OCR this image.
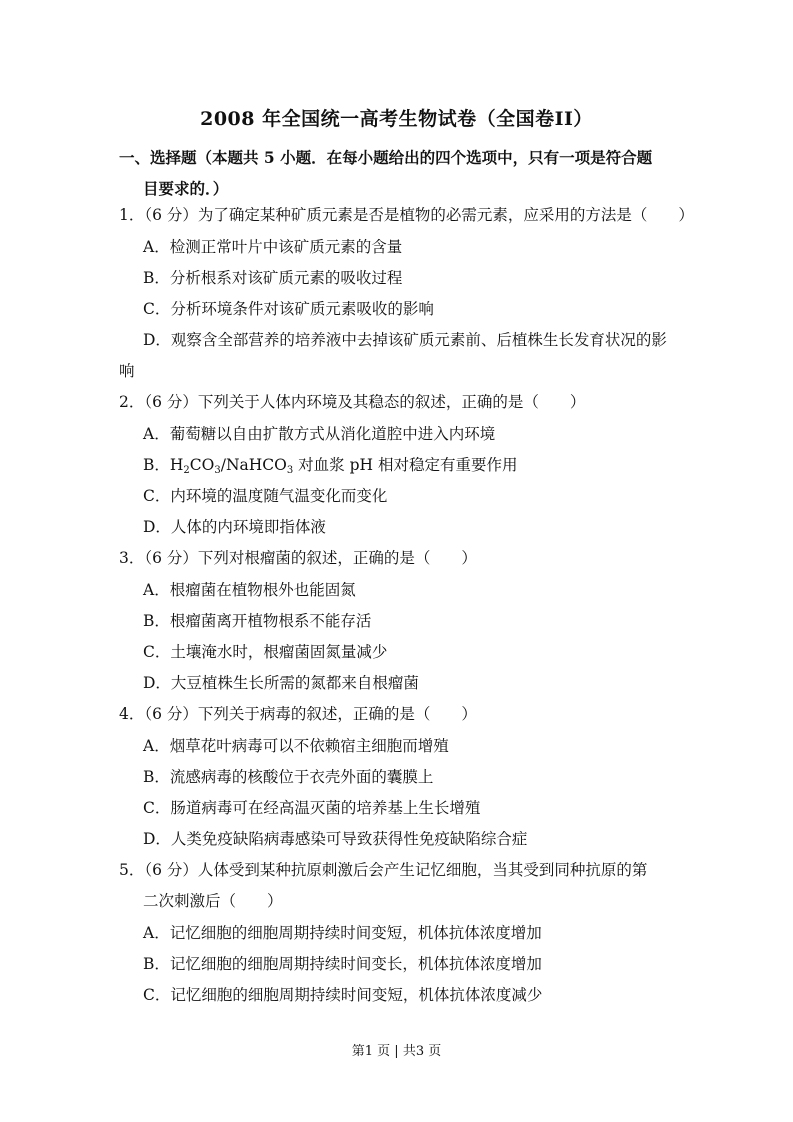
2008 年全国统一高考生物试卷（全国卷II）
一、选择题（本题共 5 小题．在每小题给出的四个选项中，只有一项是符合题
目要求的．）
1．（6 分）为了确定某种矿质元素是否是植物的必需元素，应采用的方法是（　　）
A．检测正常叶片中该矿质元素的含量
B．分析根系对该矿质元素的吸收过程
C．分析环境条件对该矿质元素吸收的影响
D．观察含全部营养的培养液中去掉该矿质元素前、后植株生长发育状况的影
响
2．（6 分）下列关于人体内环境及其稳态的叙述，正确的是（　　）
A．葡萄糖以自由扩散方式从消化道腔中进入内环境
B．$H_2CO_3/NaHCO_3$ 对血浆 pH 相对稳定有重要作用
C．内环境的温度随气温变化而变化
D．人体的内环境即指体液
3．（6 分）下列对根瘤菌的叙述，正确的是（　　）
A．根瘤菌在植物根外也能固氮
B．根瘤菌离开植物根系不能存活
C．土壤淹水时，根瘤菌固氮量减少
D．大豆植株生长所需的氮都来自根瘤菌
4．（6 分）下列关于病毒的叙述，正确的是（　　）
A．烟草花叶病毒可以不依赖宿主细胞而增殖
B．流感病毒的核酸位于衣壳外面的囊膜上
C．肠道病毒可在经高温灭菌的培养基上生长增殖
D．人类免疫缺陷病毒感染可导致获得性免疫缺陷综合症
5．（6 分）人体受到某种抗原刺激后会产生记忆细胞，当其受到同种抗原的第
二次刺激后（　　）
A．记忆细胞的细胞周期持续时间变短，机体抗体浓度增加
B．记忆细胞的细胞周期持续时间变长，机体抗体浓度增加
C．记忆细胞的细胞周期持续时间变短，机体抗体浓度减少
第1 页 | 共3 页
